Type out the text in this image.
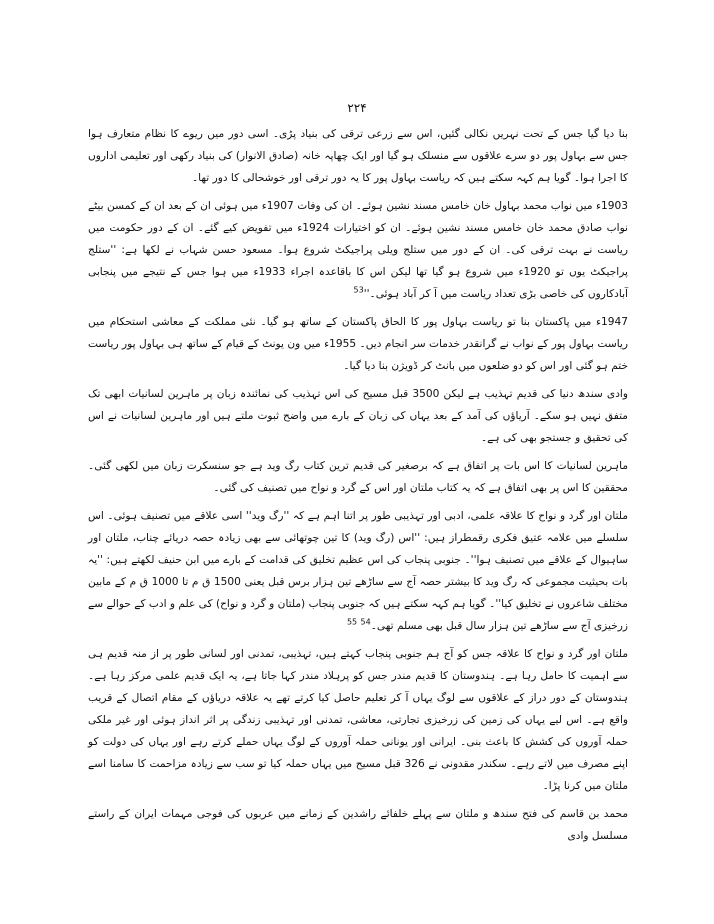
۲۲۴

بنا دیا گیا جس کے تحت نہریں نکالی گئیں، اس سے زرعی ترقی کی بنیاد پڑی۔ اسی دور میں ریوے کا نظام متعارف ہوا جس سے بہاول پور دو سرے علاقوں سے منسلک ہو گیا اور ایک چھاپہ خانہ (صادق الانوار) کی بنیاد رکھی اور تعلیمی اداروں کا اجرا ہوا۔ گویا ہم کہہ سکتے ہیں کہ ریاست بہاول پور کا یہ دور ترقی اور خوشحالی کا دور تھا۔

1903ء میں نواب محمد بہاول خان خامس مسند نشین ہوئے۔ ان کی وفات 1907ء میں ہوئی ان کے بعد ان کے کمسن بیٹے نواب صادق محمد خان خامس مسند نشین ہوئے۔ ان کو اختیارات 1924ء میں تفویض کیے گئے۔ ان کے دور حکومت میں ریاست نے بہت ترقی کی۔ ان کے دور میں ستلج ویلی پراجیکٹ شروع ہوا۔ مسعود حسن شہاب نے لکھا ہے: ''ستلج پراجیکٹ یوں تو 1920ء میں شروع ہو گیا تھا لیکن اس کا باقاعدہ اجراء 1933ء میں ہوا جس کے نتیجے میں پنجابی آبادکاروں کی خاصی بڑی تعداد ریاست میں آ کر آباد ہوئی۔''$^{53}$

1947ء میں پاکستان بنا تو ریاست بہاول پور کا الحاق پاکستان کے ساتھ ہو گیا۔ نئی مملکت کے معاشی استحکام میں ریاست بہاول پور کے نواب نے گرانقدر خدمات سر انجام دیں۔ 1955ء میں ون یونٹ کے قیام کے ساتھ ہی بہاول پور ریاست ختم ہو گئی اور اس کو دو ضلعوں میں بانٹ کر ڈویژن بنا دیا گیا۔

وادی سندھ دنیا کی قدیم تہذیب ہے لیکن 3500 قبل مسیح کی اس تہذیب کی نمائندہ زبان پر ماہرین لسانیات ابھی تک متفق نہیں ہو سکے۔ آریاؤں کی آمد کے بعد یہاں کی زبان کے بارے میں واضح ثبوت ملتے ہیں اور ماہرین لسانیات نے اس کی تحقیق و جستجو بھی کی ہے۔

ماہرین لسانیات کا اس بات پر اتفاق ہے کہ برصغیر کی قدیم ترین کتاب رگ وید ہے جو سنسکرت زبان میں لکھی گئی۔ محققین کا اس پر بھی اتفاق ہے کہ یہ کتاب ملتان اور اس کے گرد و نواح میں تصنیف کی گئی۔

ملتان اور گرد و نواح کا علاقہ علمی، ادبی اور تہذیبی طور پر اتنا اہم ہے کہ ''رگ وید'' اسی علاقے میں تصنیف ہوئی۔ اس سلسلے میں علامہ عتیق فکری رقمطراز ہیں: ''اس (رگ وید) کا تین چوتھائی سے بھی زیادہ حصہ دریائے چناب، ملتان اور ساہیوال کے علاقے میں تصنیف ہوا''۔ جنوبی پنجاب کی اس عظیم تخلیق کی قدامت کے بارے میں ابن حنیف لکھتے ہیں: ''یہ بات بحیثیت مجموعی کہ رگ وید کا بیشتر حصہ آج سے ساڑھے تین ہزار برس قبل یعنی 1500 ق م تا 1000 ق م کے مابین مختلف شاعروں نے تخلیق کیا''۔ گویا ہم کہہ سکتے ہیں کہ جنوبی پنجاب (ملتان و گرد و نواح) کی علم و ادب کے حوالے سے زرخیزی آج سے ساڑھے تین ہزار سال قبل بھی مسلم تھی۔$^{54}$ $^{55}$

ملتان اور گرد و نواح کا علاقہ جس کو آج ہم جنوبی پنجاب کہتے ہیں، تہذیبی، تمدنی اور لسانی طور پر از منہ قدیم ہی سے اہمیت کا حامل رہا ہے۔ ہندوستان کا قدیم مندر جس کو پرہلاد مندر کہا جاتا ہے، یہ ایک قدیم علمی مرکز رہا ہے۔ ہندوستان کے دور دراز کے علاقوں سے لوگ یہاں آ کر تعلیم حاصل کیا کرتے تھے یہ علاقہ دریاؤں کے مقام اتصال کے قریب واقع ہے۔ اس لیے یہاں کی زمین کی زرخیزی تجارتی، معاشی، تمدنی اور تہذیبی زندگی پر اثر انداز ہوئی اور غیر ملکی حملہ آوروں کی کشش کا باعث بنی۔ ایرانی اور یونانی حملہ آوروں کے لوگ یہاں حملے کرتے رہے اور یہاں کی دولت کو اپنے مصرف میں لاتے رہے۔ سکندر مقدونی نے 326 قبل مسیح میں یہاں حملہ کیا تو سب سے زیادہ مزاحمت کا سامنا اسے ملتان میں کرنا پڑا۔

محمد بن قاسم کی فتح سندھ و ملتان سے پہلے خلفائے راشدین کے زمانے میں عربوں کی فوجی مہمات ایران کے راستے مسلسل وادی
